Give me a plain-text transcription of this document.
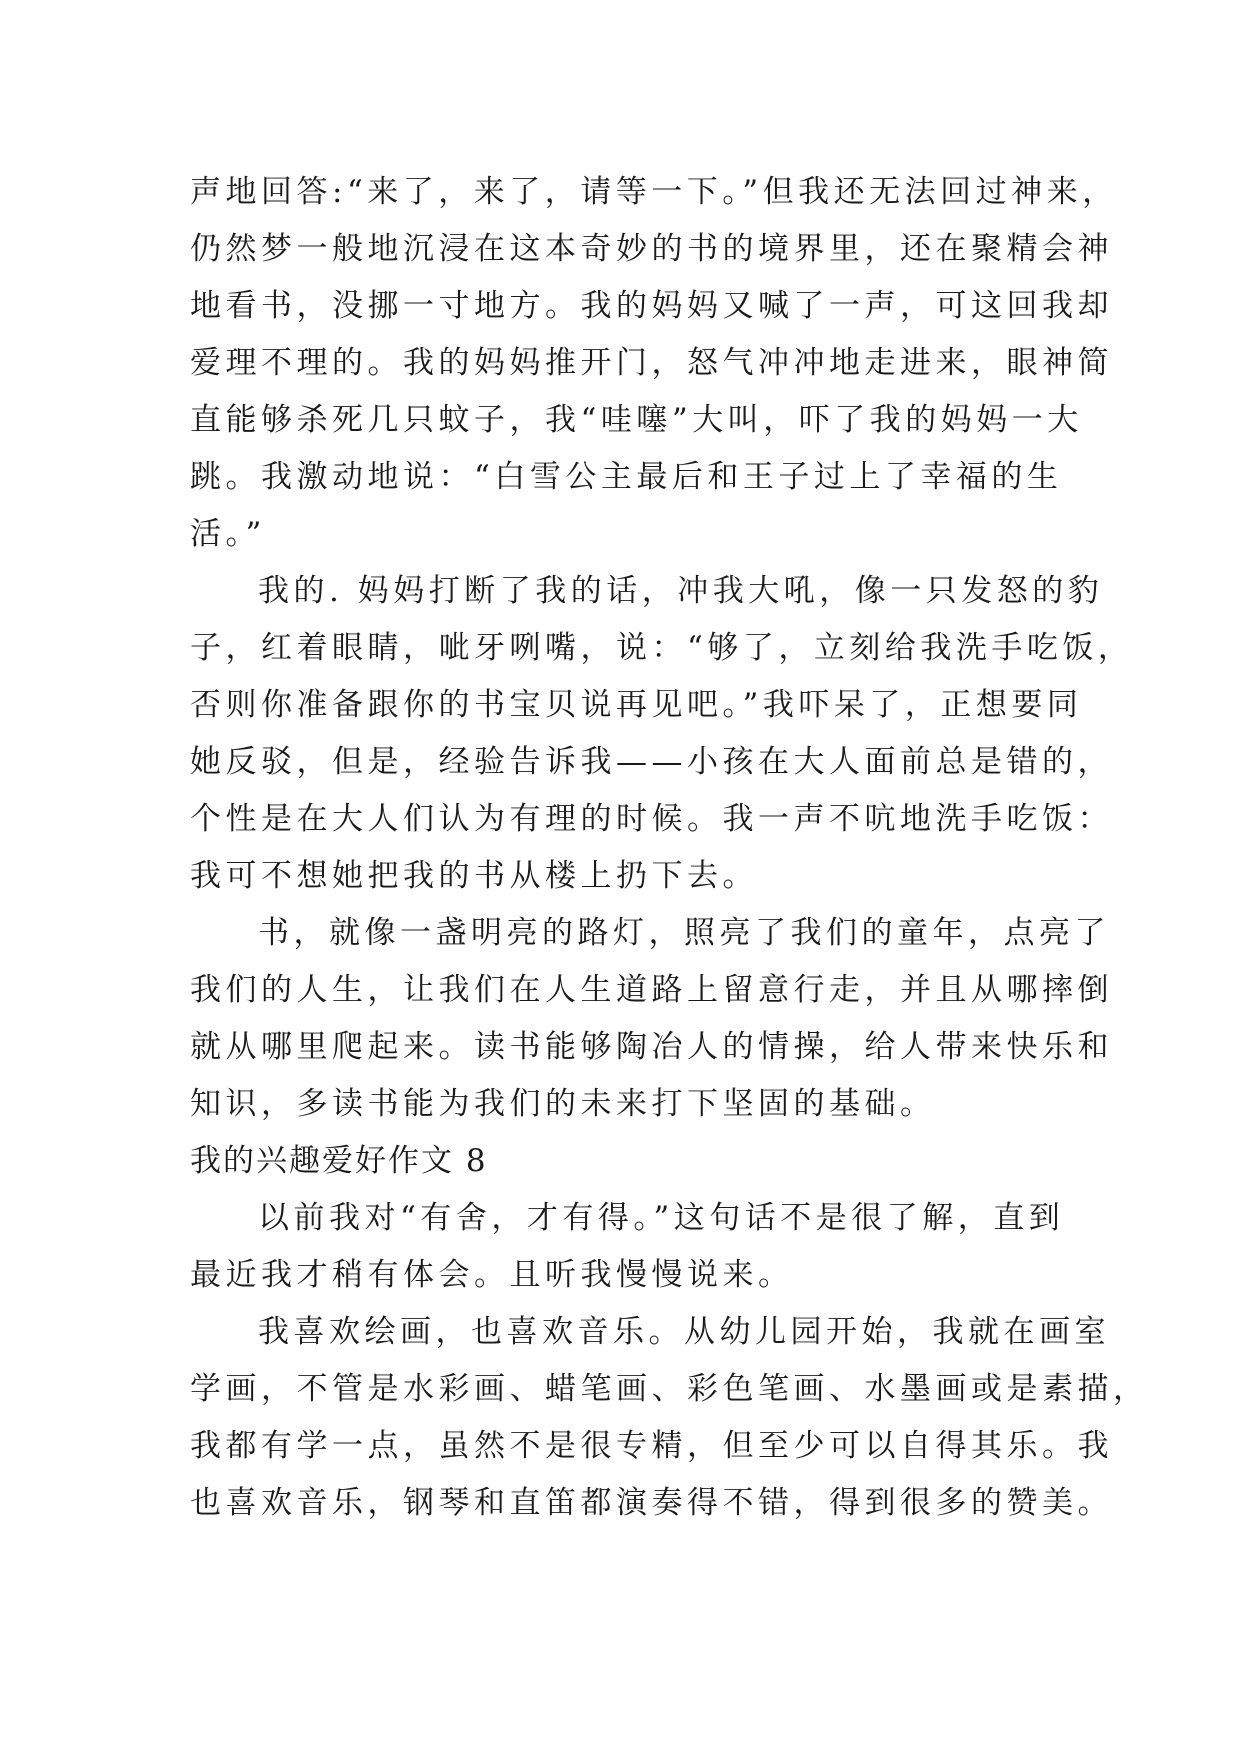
声地回答:“来了，来了，请等一下。”但我还无法回过神来，
仍然梦一般地沉浸在这本奇妙的书的境界里，还在聚精会神
地看书，没挪一寸地方。我的妈妈又喊了一声，可这回我却
爱理不理的。我的妈妈推开门，怒气冲冲地走进来，眼神简
直能够杀死几只蚊子，我“哇噻”大叫，吓了我的妈妈一大
跳。我激动地说：“白雪公主最后和王子过上了幸福的生
活。”
我的. 妈妈打断了我的话，冲我大吼，像一只发怒的豹
子，红着眼睛，呲牙咧嘴，说：“够了，立刻给我洗手吃饭，
否则你准备跟你的书宝贝说再见吧。”我吓呆了，正想要同
她反驳，但是，经验告诉我——小孩在大人面前总是错的，
个性是在大人们认为有理的时候。我一声不吭地洗手吃饭：
我可不想她把我的书从楼上扔下去。
书，就像一盏明亮的路灯，照亮了我们的童年，点亮了
我们的人生，让我们在人生道路上留意行走，并且从哪摔倒
就从哪里爬起来。读书能够陶冶人的情操，给人带来快乐和
知识，多读书能为我们的未来打下坚固的基础。
我的兴趣爱好作文 8
以前我对“有舍，才有得。”这句话不是很了解，直到
最近我才稍有体会。且听我慢慢说来。
我喜欢绘画，也喜欢音乐。从幼儿园开始，我就在画室
学画，不管是水彩画、蜡笔画、彩色笔画、水墨画或是素描，
我都有学一点，虽然不是很专精，但至少可以自得其乐。我
也喜欢音乐，钢琴和直笛都演奏得不错，得到很多的赞美。
